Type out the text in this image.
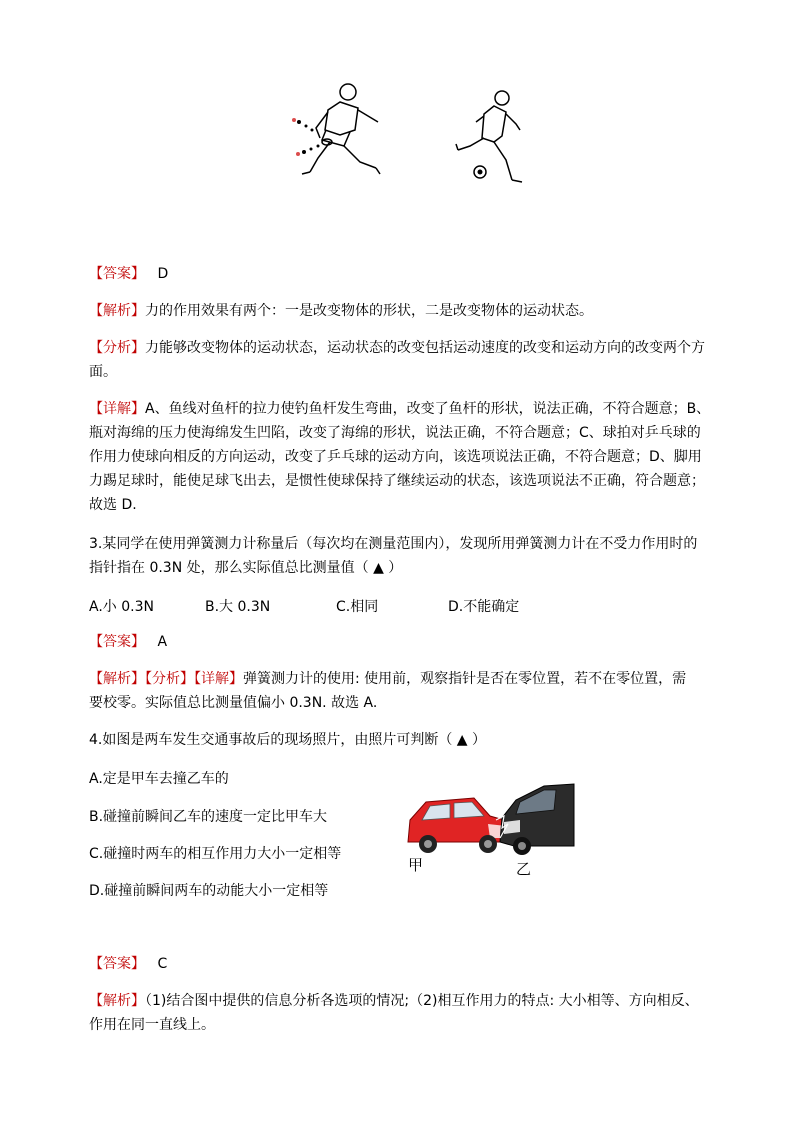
【答案】 D
【解析】力的作用效果有两个：一是改变物体的形状，二是改变物体的运动状态。
【分析】力能够改变物体的运动状态，运动状态的改变包括运动速度的改变和运动方向的改变两个方
面。
【详解】A、鱼线对鱼杆的拉力使钓鱼杆发生弯曲，改变了鱼杆的形状，说法正确，不符合题意；B、
瓶对海绵的压力使海绵发生凹陷，改变了海绵的形状，说法正确，不符合题意；C、球拍对乒乓球的
作用力使球向相反的方向运动，改变了乒乓球的运动方向，该选项说法正确，不符合题意；D、脚用
力踢足球时，能使足球飞出去，是惯性使球保持了继续运动的状态，该选项说法不正确，符合题意；
故选 D.
3.某同学在使用弹簧测力计称量后（每次均在测量范围内），发现所用弹簧测力计在不受力作用时的
指针指在 0.3N 处，那么实际值总比测量值（ ▲ ）
A.小 0.3N	B.大 0.3N	C.相同	D.不能确定
【答案】 A
【解析】【分析】【详解】弹簧测力计的使用: 使用前，观察指针是否在零位置，若不在零位置，需
要校零。实际值总比测量值偏小 0.3N. 故选 A.
4.如图是两车发生交通事故后的现场照片，由照片可判断（ ▲ ）
A.定是甲车去撞乙车的
B.碰撞前瞬间乙车的速度一定比甲车大
C.碰撞时两车的相互作用力大小一定相等
D.碰撞前瞬间两车的动能大小一定相等
甲	乙
【答案】 C
【解析】（1)结合图中提供的信息分析各选项的情况;（2)相互作用力的特点: 大小相等、方向相反、
作用在同一直线上。
